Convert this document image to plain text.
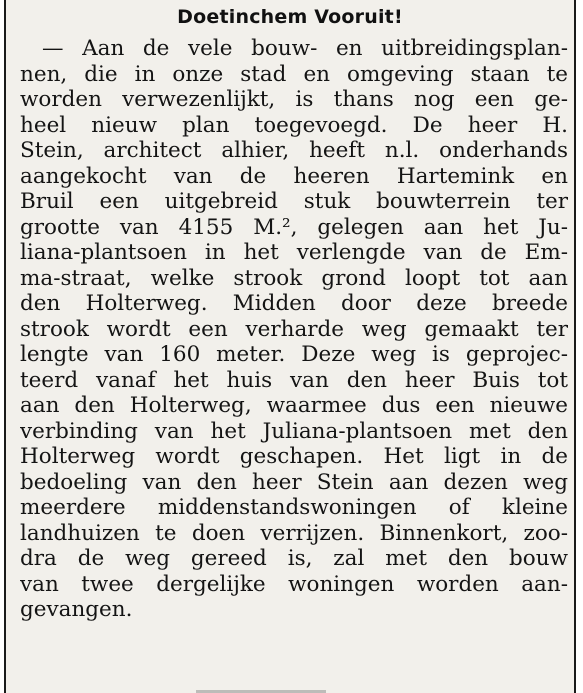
Doetinchem Vooruit!
— Aan de vele bouw- en uitbreidingsplan-
nen, die in onze stad en omgeving staan te
worden verwezenlijkt, is thans nog een ge-
heel nieuw plan toegevoegd. De heer H.
Stein, architect alhier, heeft n.l. onderhands
aangekocht van de heeren Hartemink en
Bruil een uitgebreid stuk bouwterrein ter
grootte van 4155 M.², gelegen aan het Ju-
liana-plantsoen in het verlengde van de Em-
ma-straat, welke strook grond loopt tot aan
den Holterweg. Midden door deze breede
strook wordt een verharde weg gemaakt ter
lengte van 160 meter. Deze weg is geprojec-
teerd vanaf het huis van den heer Buis tot
aan den Holterweg, waarmee dus een nieuwe
verbinding van het Juliana-plantsoen met den
Holterweg wordt geschapen. Het ligt in de
bedoeling van den heer Stein aan dezen weg
meerdere middenstandswoningen of kleine
landhuizen te doen verrijzen. Binnenkort, zoo-
dra de weg gereed is, zal met den bouw
van twee dergelijke woningen worden aan-
gevangen.
